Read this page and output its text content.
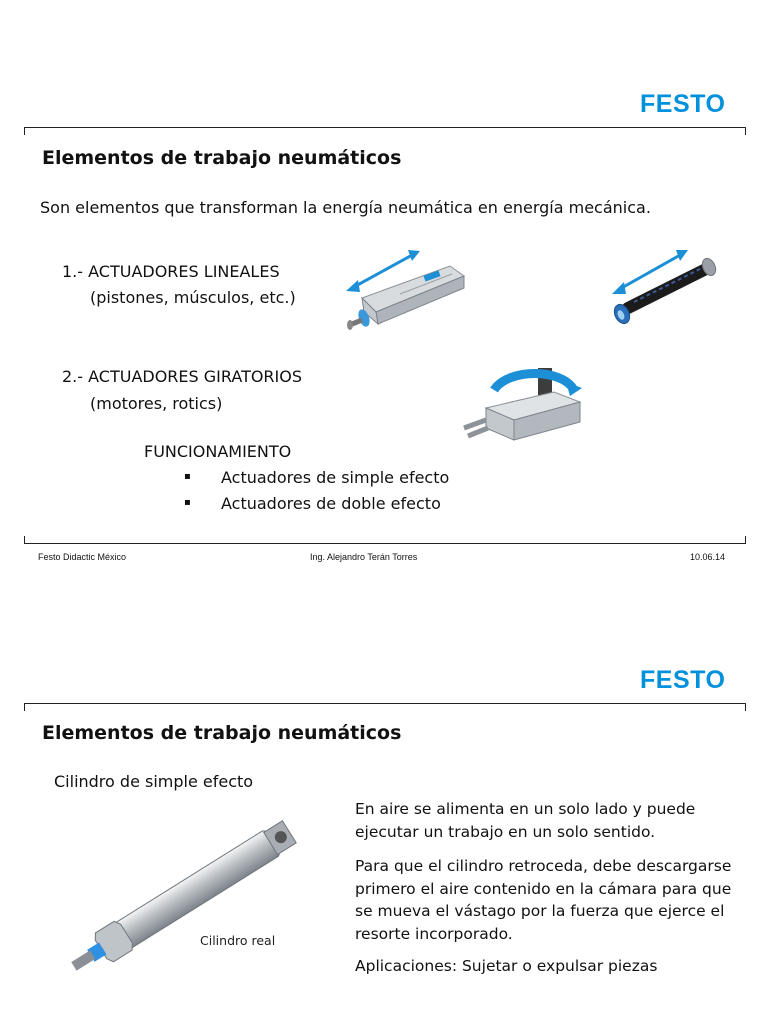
FESTO
Elementos de trabajo neumáticos
Son elementos que transforman la energía neumática en energía mecánica.
1.- ACTUADORES LINEALES
(pistones, músculos, etc.)
2.- ACTUADORES GIRATORIOS
(motores, rotics)
FUNCIONAMIENTO
▪ Actuadores de simple efecto
▪ Actuadores de doble efecto
Festo Didactic México	Ing. Alejandro Terán Torres	10.06.14
FESTO
Elementos de trabajo neumáticos
Cilindro de simple efecto
Cilindro real
En aire se alimenta en un solo lado y puede ejecutar un trabajo en un solo sentido.
Para que el cilindro retroceda, debe descargarse primero el aire contenido en la cámara para que se mueva el vástago por la fuerza que ejerce el resorte incorporado.
Aplicaciones: Sujetar o expulsar piezas
